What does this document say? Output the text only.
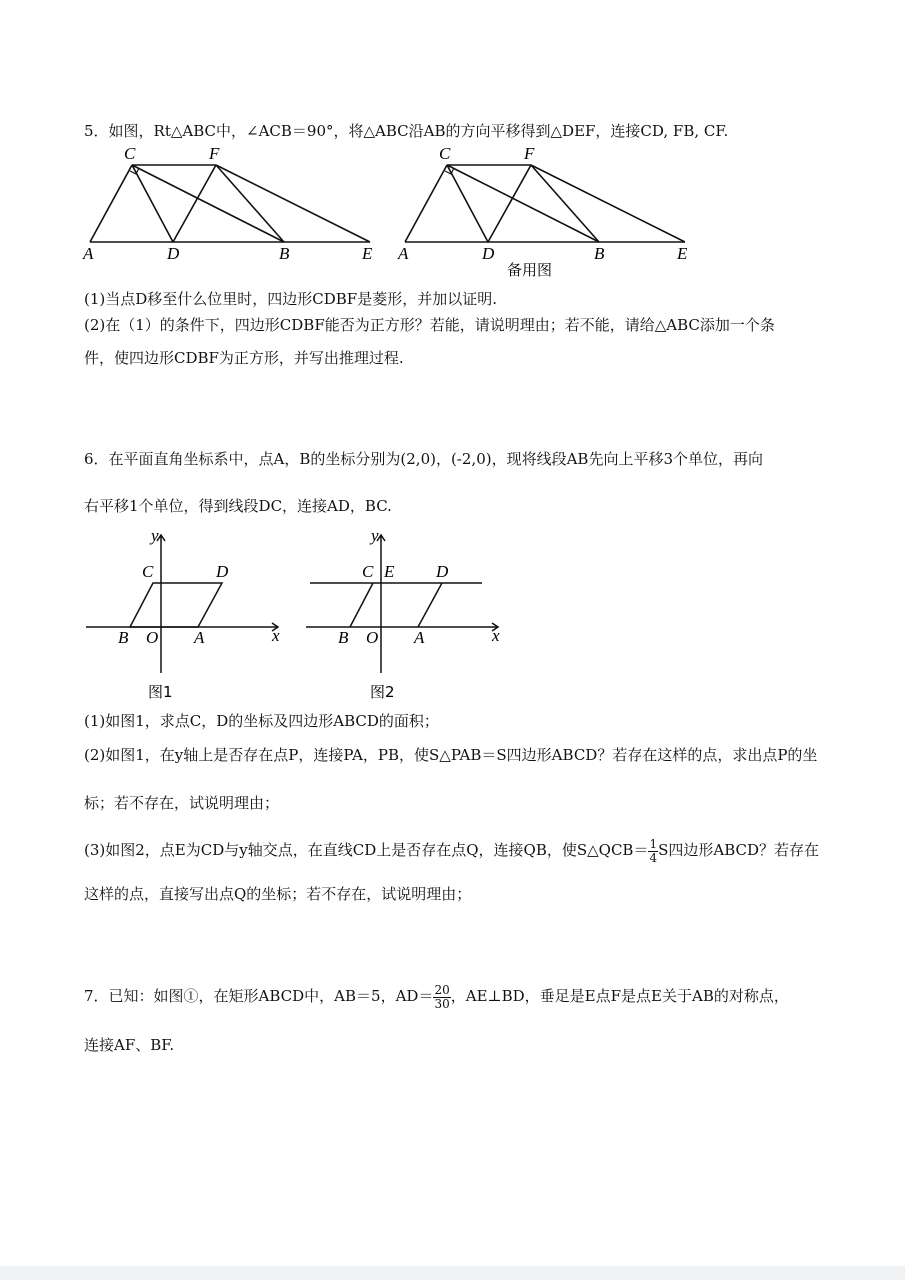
5．如图，Rt△ABC中，∠ACB＝90°，将△ABC沿AB的方向平移得到△DEF，连接CD, FB, CF.
C	F
A	D	B	E
C	F
A	D	B	E
备用图
(1)当点D移至什么位里时，四边形CDBF是菱形，并加以证明.
(2)在（1）的条件下，四边形CDBF能否为正方形？若能，请说明理由；若不能，请给△ABC添加一个条
件，使四边形CDBF为正方形，并写出推理过程.
6．在平面直角坐标系中，点A，B的坐标分别为(2,0)，(-2,0)，现将线段AB先向上平移3个单位，再向
右平移1个单位，得到线段DC，连接AD，BC.
y
x
C	D
B O A
图1
y
x
C E D
B O A
图2
(1)如图1，求点C，D的坐标及四边形ABCD的面积；
(2)如图1，在y轴上是否存在点P，连接PA，PB，使S△PAB＝S四边形ABCD？若存在这样的点，求出点P的坐
标；若不存在，试说明理由；
(3)如图2，点E为CD与y轴交点，在直线CD上是否存在点Q，连接QB，使S△QCB＝ $\frac{1}{4}$ S四边形ABCD？若存在
这样的点，直接写出点Q的坐标；若不存在，试说明理由；
7．已知：如图①，在矩形ABCD中，AB＝5，$AD= \frac{20}{30}$ ，AE⊥BD，垂足是E点F是点E关于AB的对称点，
连接AF、BF.
